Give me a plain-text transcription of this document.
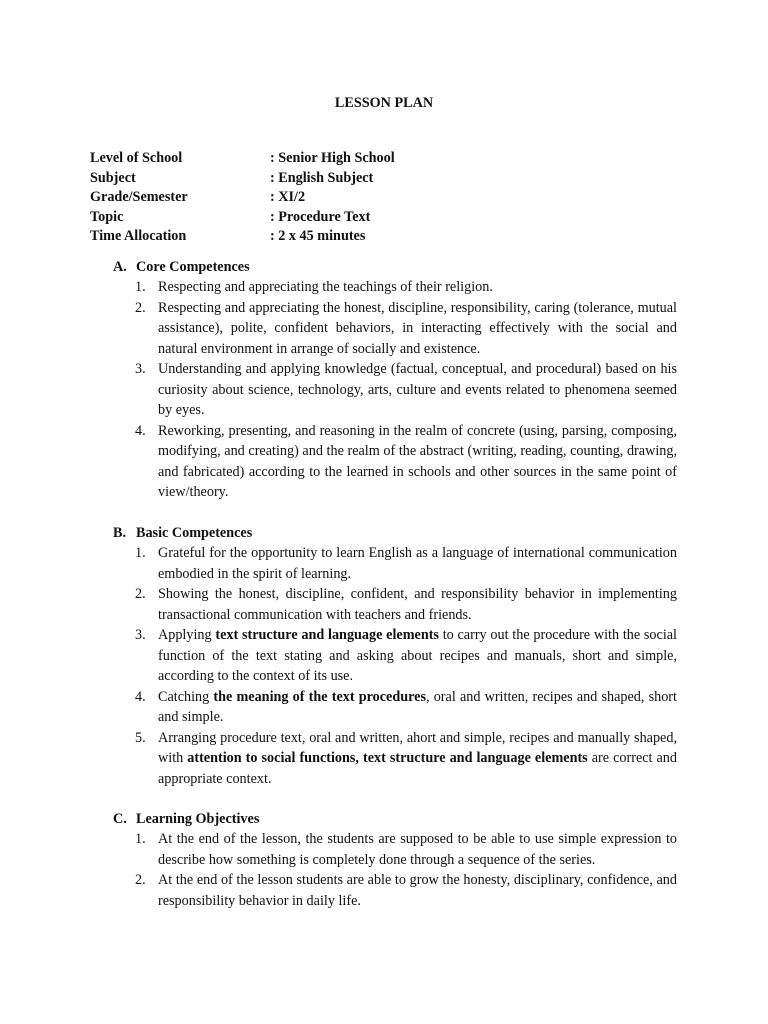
LESSON PLAN
Level of School	: Senior High School
Subject	: English Subject
Grade/Semester	: XI/2
Topic	: Procedure Text
Time Allocation	: 2 x 45 minutes
A. Core Competences
1. Respecting and appreciating the teachings of their religion.
2. Respecting and appreciating the honest, discipline, responsibility, caring (tolerance, mutual assistance), polite, confident behaviors, in interacting effectively with the social and natural environment in arrange of socially and existence.
3. Understanding and applying knowledge (factual, conceptual, and procedural) based on his curiosity about science, technology, arts, culture and events related to phenomena seemed by eyes.
4. Reworking, presenting, and reasoning in the realm of concrete (using, parsing, composing, modifying, and creating) and the realm of the abstract (writing, reading, counting, drawing, and fabricated) according to the learned in schools and other sources in the same point of view/theory.
B. Basic Competences
1. Grateful for the opportunity to learn English as a language of international communication embodied in the spirit of learning.
2. Showing the honest, discipline, confident, and responsibility behavior in implementing transactional communication with teachers and friends.
3. Applying text structure and language elements to carry out the procedure with the social function of the text stating and asking about recipes and manuals, short and simple, according to the context of its use.
4. Catching the meaning of the text procedures, oral and written, recipes and shaped, short and simple.
5. Arranging procedure text, oral and written, ahort and simple, recipes and manually shaped, with attention to social functions, text structure and language elements are correct and appropriate context.
C. Learning Objectives
1. At the end of the lesson, the students are supposed to be able to use simple expression to describe how something is completely done through a sequence of the series.
2. At the end of the lesson students are able to grow the honesty, disciplinary, confidence, and responsibility behavior in daily life.
